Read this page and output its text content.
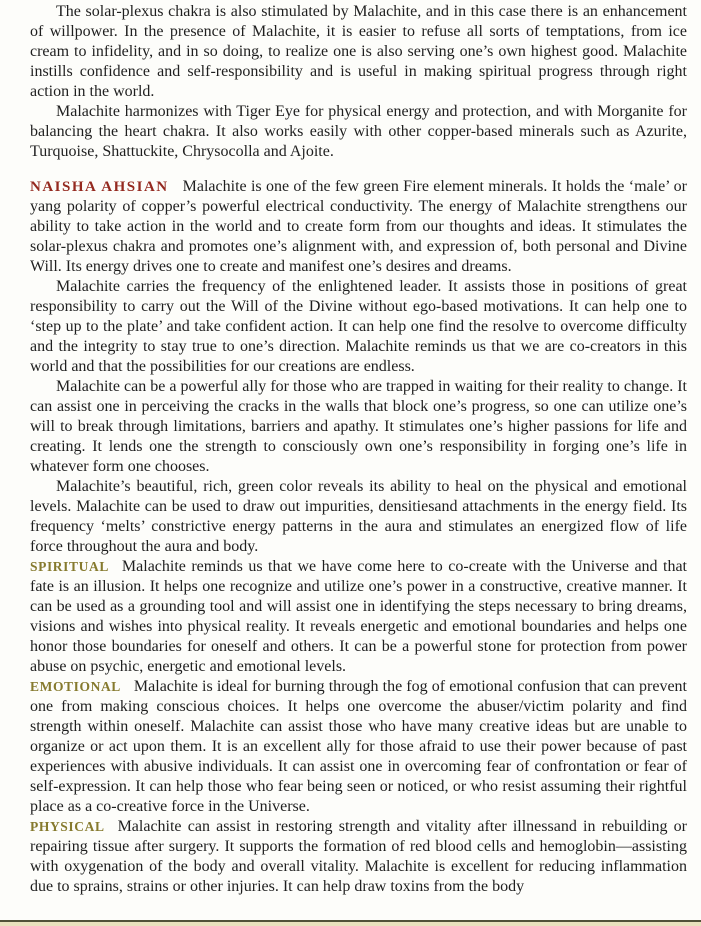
The solar-plexus chakra is also stimulated by Malachite, and in this case there is an enhancement of willpower. In the presence of Malachite, it is easier to refuse all sorts of temptations, from ice cream to infidelity, and in so doing, to realize one is also serving one’s own highest good. Malachite instills confidence and self-responsibility and is useful in making spiritual progress through right action in the world.

Malachite harmonizes with Tiger Eye for physical energy and protection, and with Morganite for balancing the heart chakra. It also works easily with other copper-based minerals such as Azurite, Turquoise, Shattuckite, Chrysocolla and Ajoite.

NAISHA AHSIAN Malachite is one of the few green Fire element minerals. It holds the ‘male’ or yang polarity of copper’s powerful electrical conductivity. The energy of Malachite strengthens our ability to take action in the world and to create form from our thoughts and ideas. It stimulates the solar-plexus chakra and promotes one’s alignment with, and expression of, both personal and Divine Will. Its energy drives one to create and manifest one’s desires and dreams.

Malachite carries the frequency of the enlightened leader. It assists those in positions of great responsibility to carry out the Will of the Divine without ego-based motivations. It can help one to ‘step up to the plate’ and take confident action. It can help one find the resolve to overcome difficulty and the integrity to stay true to one’s direction. Malachite reminds us that we are co-creators in this world and that the possibilities for our creations are endless.

Malachite can be a powerful ally for those who are trapped in waiting for their reality to change. It can assist one in perceiving the cracks in the walls that block one’s progress, so one can utilize one’s will to break through limitations, barriers and apathy. It stimulates one’s higher passions for life and creating. It lends one the strength to consciously own one’s responsibility in forging one’s life in whatever form one chooses.

Malachite’s beautiful, rich, green color reveals its ability to heal on the physical and emotional levels. Malachite can be used to draw out impurities, densitiesand attachments in the energy field. Its frequency ‘melts’ constrictive energy patterns in the aura and stimulates an energized flow of life force throughout the aura and body.

SPIRITUAL Malachite reminds us that we have come here to co-create with the Universe and that fate is an illusion. It helps one recognize and utilize one’s power in a constructive, creative manner. It can be used as a grounding tool and will assist one in identifying the steps necessary to bring dreams, visions and wishes into physical reality. It reveals energetic and emotional boundaries and helps one honor those boundaries for oneself and others. It can be a powerful stone for protection from power abuse on psychic, energetic and emotional levels.

EMOTIONAL Malachite is ideal for burning through the fog of emotional confusion that can prevent one from making conscious choices. It helps one overcome the abuser/victim polarity and find strength within oneself. Malachite can assist those who have many creative ideas but are unable to organize or act upon them. It is an excellent ally for those afraid to use their power because of past experiences with abusive individuals. It can assist one in overcoming fear of confrontation or fear of self-expression. It can help those who fear being seen or noticed, or who resist assuming their rightful place as a co-creative force in the Universe.

PHYSICAL Malachite can assist in restoring strength and vitality after illnessand in rebuilding or repairing tissue after surgery. It supports the formation of red blood cells and hemoglobin—assisting with oxygenation of the body and overall vitality. Malachite is excellent for reducing inflammation due to sprains, strains or other injuries. It can help draw toxins from the body
